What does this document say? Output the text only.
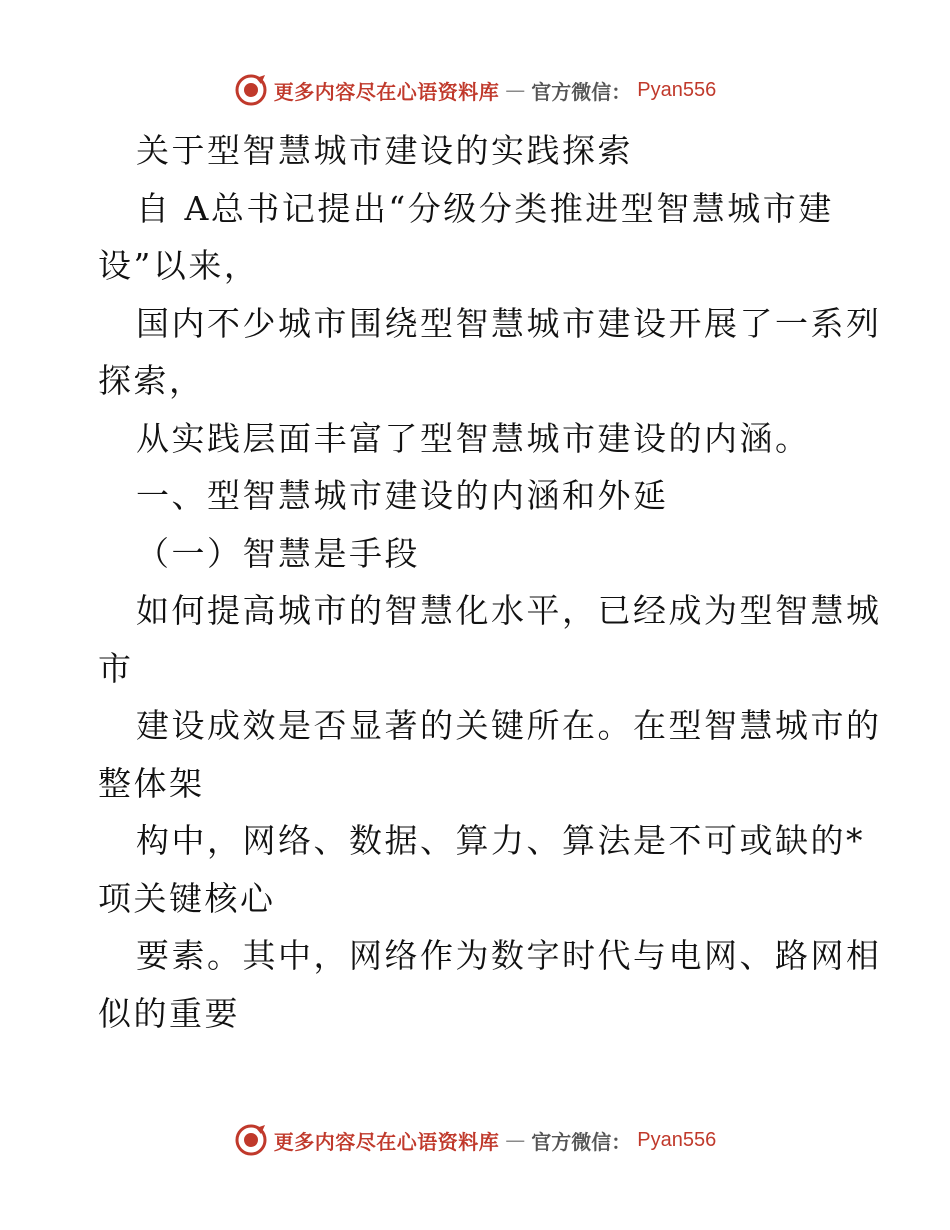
更多内容尽在心语资料库 — 官方微信： Pyan556
关于型智慧城市建设的实践探索
自 A总书记提出“分级分类推进型智慧城市建
设”以来，
国内不少城市围绕型智慧城市建设开展了一系列
探索，
从实践层面丰富了型智慧城市建设的内涵。
一、型智慧城市建设的内涵和外延
（一）智慧是手段
如何提高城市的智慧化水平，已经成为型智慧城
市
建设成效是否显著的关键所在。在型智慧城市的
整体架
构中，网络、数据、算力、算法是不可或缺的*
项关键核心
要素。其中，网络作为数字时代与电网、路网相
似的重要
更多内容尽在心语资料库 — 官方微信： Pyan556
